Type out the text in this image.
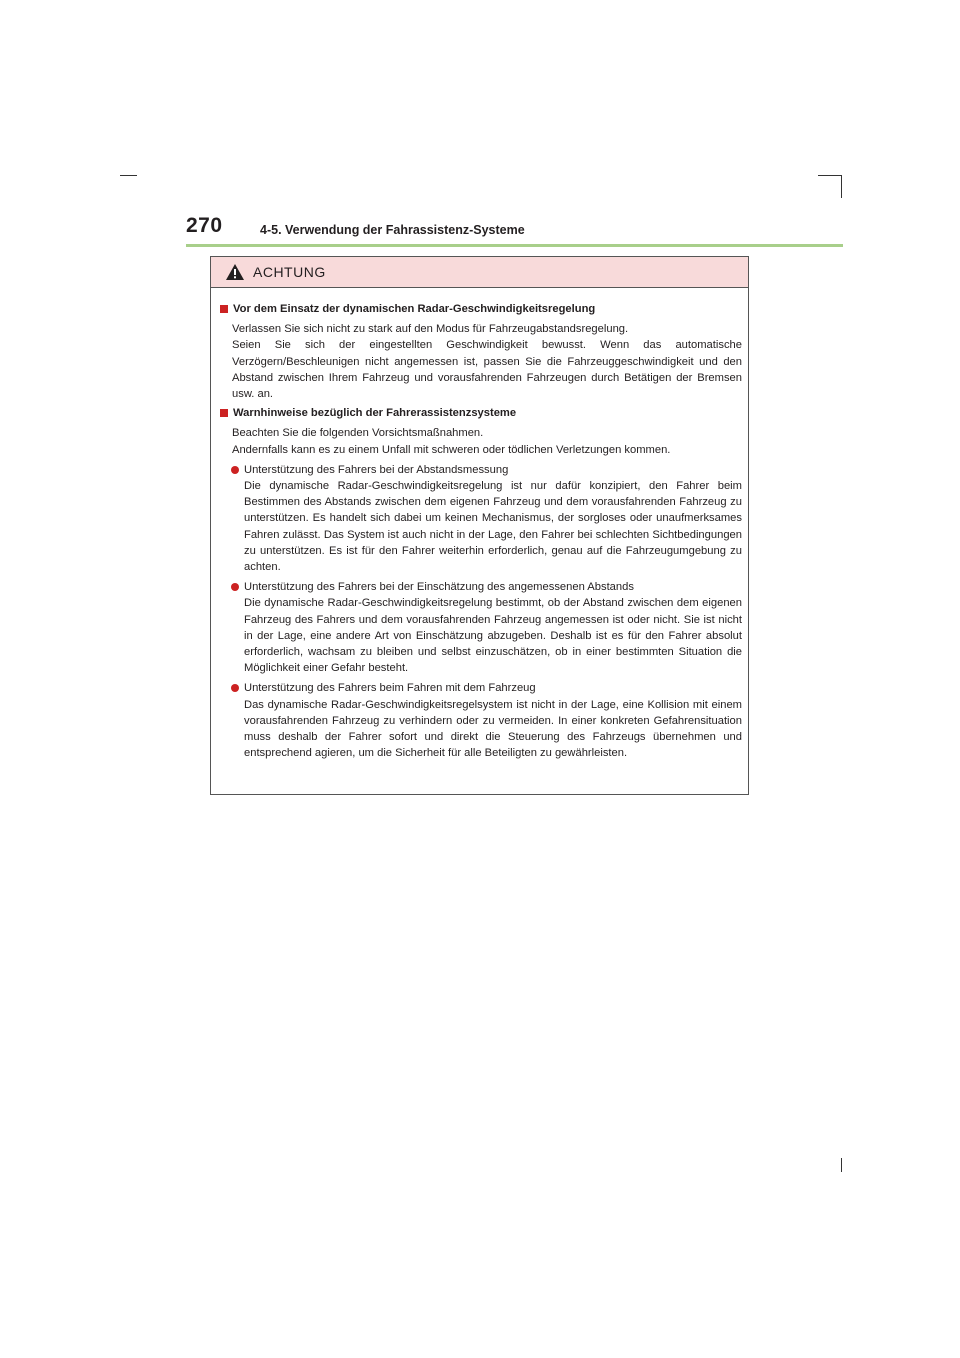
270	4-5. Verwendung der Fahrassistenz-Systeme
ACHTUNG
Vor dem Einsatz der dynamischen Radar-Geschwindigkeitsregelung

Verlassen Sie sich nicht zu stark auf den Modus für Fahrzeugabstandsregelung.

Seien Sie sich der eingestellten Geschwindigkeit bewusst. Wenn das automatische Verzögern/Beschleunigen nicht angemessen ist, passen Sie die Fahrzeuggeschwindigkeit und den Abstand zwischen Ihrem Fahrzeug und vorausfahrenden Fahrzeugen durch Betätigen der Bremsen usw. an.

Warnhinweise bezüglich der Fahrerassistenzsysteme

Beachten Sie die folgenden Vorsichtsmaßnahmen.

Andernfalls kann es zu einem Unfall mit schweren oder tödlichen Verletzungen kommen.

Unterstützung des Fahrers bei der Abstandsmessung

Die dynamische Radar-Geschwindigkeitsregelung ist nur dafür konzipiert, den Fahrer beim Bestimmen des Abstands zwischen dem eigenen Fahrzeug und dem vorausfahrenden Fahrzeug zu unterstützen. Es handelt sich dabei um keinen Mechanismus, der sorgloses oder unaufmerksames Fahren zulässt. Das System ist auch nicht in der Lage, den Fahrer bei schlechten Sichtbedingungen zu unterstützen. Es ist für den Fahrer weiterhin erforderlich, genau auf die Fahrzeugumgebung zu achten.

Unterstützung des Fahrers bei der Einschätzung des angemessenen Abstands

Die dynamische Radar-Geschwindigkeitsregelung bestimmt, ob der Abstand zwischen dem eigenen Fahrzeug des Fahrers und dem vorausfahrenden Fahrzeug angemessen ist oder nicht. Sie ist nicht in der Lage, eine andere Art von Einschätzung abzugeben. Deshalb ist es für den Fahrer absolut erforderlich, wachsam zu bleiben und selbst einzuschätzen, ob in einer bestimmten Situation die Möglichkeit einer Gefahr besteht.

Unterstützung des Fahrers beim Fahren mit dem Fahrzeug

Das dynamische Radar-Geschwindigkeitsregelsystem ist nicht in der Lage, eine Kollision mit einem vorausfahrenden Fahrzeug zu verhindern oder zu vermeiden. In einer konkreten Gefahrensituation muss deshalb der Fahrer sofort und direkt die Steuerung des Fahrzeugs übernehmen und entsprechend agieren, um die Sicherheit für alle Beteiligten zu gewährleisten.
